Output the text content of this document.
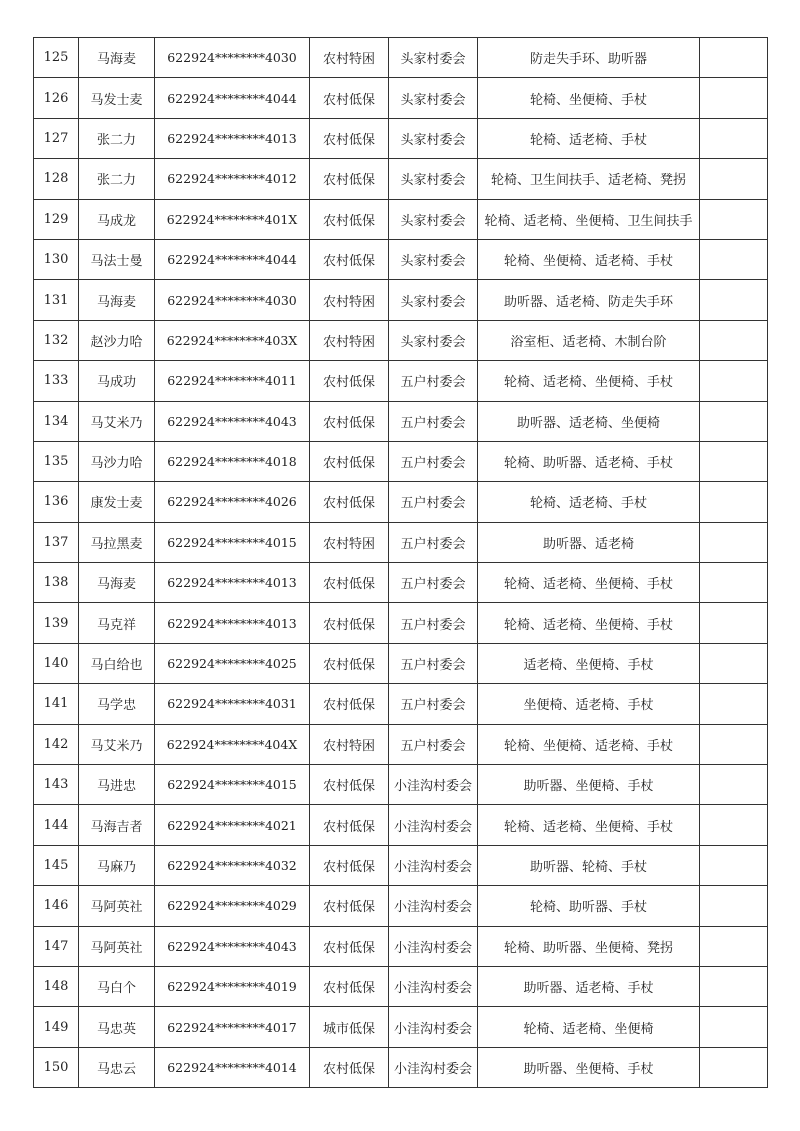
125	马海麦	622924********4030	农村特困	头家村委会	防走失手环、助听器	
126	马发士麦	622924********4044	农村低保	头家村委会	轮椅、坐便椅、手杖	
127	张二力	622924********4013	农村低保	头家村委会	轮椅、适老椅、手杖	
128	张二力	622924********4012	农村低保	头家村委会	轮椅、卫生间扶手、适老椅、凳拐	
129	马成龙	622924********401X	农村低保	头家村委会	轮椅、适老椅、坐便椅、卫生间扶手	
130	马法士曼	622924********4044	农村低保	头家村委会	轮椅、坐便椅、适老椅、手杖	
131	马海麦	622924********4030	农村特困	头家村委会	助听器、适老椅、防走失手环	
132	赵沙力哈	622924********403X	农村特困	头家村委会	浴室柜、适老椅、木制台阶	
133	马成功	622924********4011	农村低保	五户村委会	轮椅、适老椅、坐便椅、手杖	
134	马艾米乃	622924********4043	农村低保	五户村委会	助听器、适老椅、坐便椅	
135	马沙力哈	622924********4018	农村低保	五户村委会	轮椅、助听器、适老椅、手杖	
136	康发士麦	622924********4026	农村低保	五户村委会	轮椅、适老椅、手杖	
137	马拉黑麦	622924********4015	农村特困	五户村委会	助听器、适老椅	
138	马海麦	622924********4013	农村低保	五户村委会	轮椅、适老椅、坐便椅、手杖	
139	马克祥	622924********4013	农村低保	五户村委会	轮椅、适老椅、坐便椅、手杖	
140	马白给也	622924********4025	农村低保	五户村委会	适老椅、坐便椅、手杖	
141	马学忠	622924********4031	农村低保	五户村委会	坐便椅、适老椅、手杖	
142	马艾米乃	622924********404X	农村特困	五户村委会	轮椅、坐便椅、适老椅、手杖	
143	马进忠	622924********4015	农村低保	小洼沟村委会	助听器、坐便椅、手杖	
144	马海吉者	622924********4021	农村低保	小洼沟村委会	轮椅、适老椅、坐便椅、手杖	
145	马麻乃	622924********4032	农村低保	小洼沟村委会	助听器、轮椅、手杖	
146	马阿英社	622924********4029	农村低保	小洼沟村委会	轮椅、助听器、手杖	
147	马阿英社	622924********4043	农村低保	小洼沟村委会	轮椅、助听器、坐便椅、凳拐	
148	马白个	622924********4019	农村低保	小洼沟村委会	助听器、适老椅、手杖	
149	马忠英	622924********4017	城市低保	小洼沟村委会	轮椅、适老椅、坐便椅	
150	马忠云	622924********4014	农村低保	小洼沟村委会	助听器、坐便椅、手杖	
